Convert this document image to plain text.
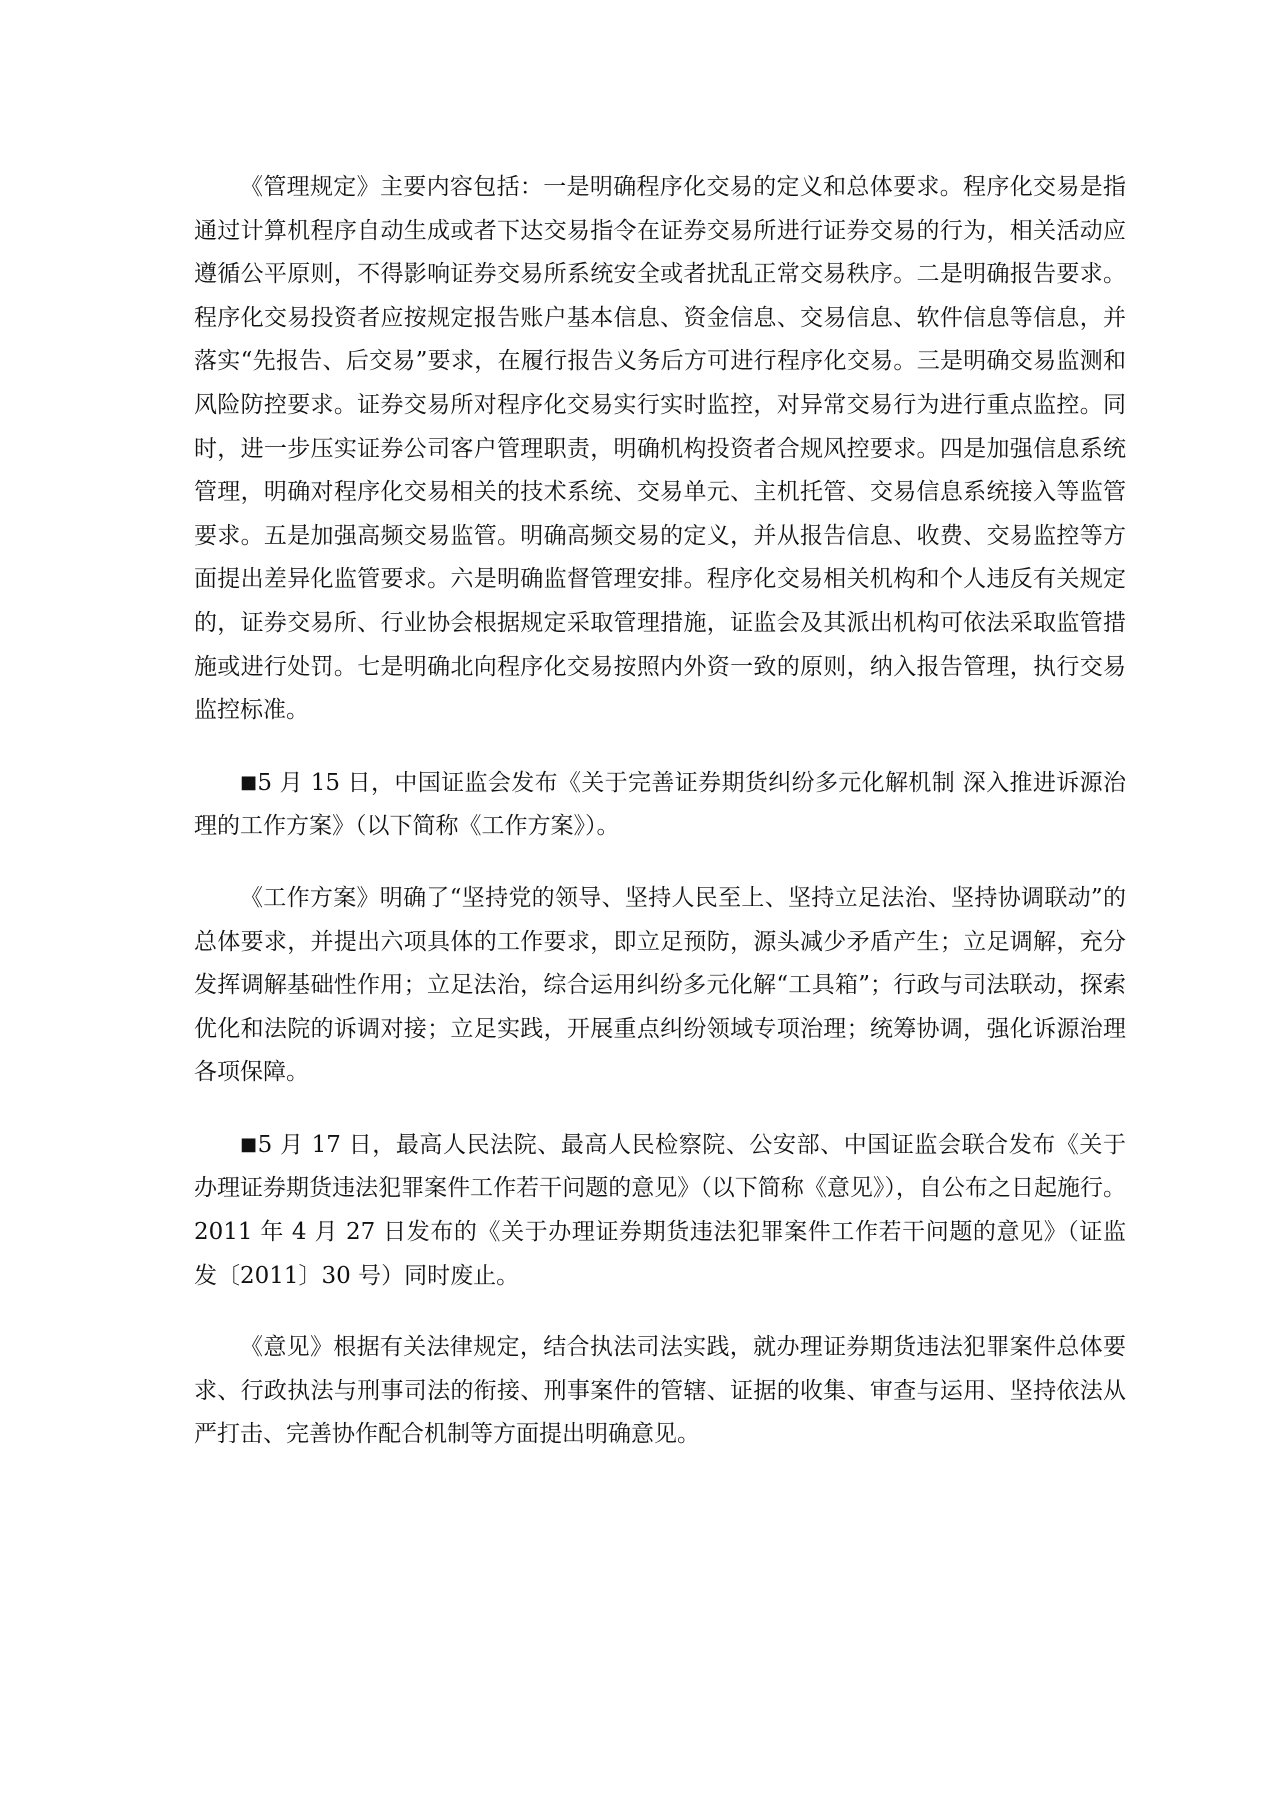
《管理规定》主要内容包括：一是明确程序化交易的定义和总体要求。程序化交易是指通过计算机程序自动生成或者下达交易指令在证券交易所进行证券交易的行为，相关活动应遵循公平原则，不得影响证券交易所系统安全或者扰乱正常交易秩序。二是明确报告要求。程序化交易投资者应按规定报告账户基本信息、资金信息、交易信息、软件信息等信息，并落实“先报告、后交易”要求，在履行报告义务后方可进行程序化交易。三是明确交易监测和风险防控要求。证券交易所对程序化交易实行实时监控，对异常交易行为进行重点监控。同时，进一步压实证券公司客户管理职责，明确机构投资者合规风控要求。四是加强信息系统管理，明确对程序化交易相关的技术系统、交易单元、主机托管、交易信息系统接入等监管要求。五是加强高频交易监管。明确高频交易的定义，并从报告信息、收费、交易监控等方面提出差异化监管要求。六是明确监督管理安排。程序化交易相关机构和个人违反有关规定的，证券交易所、行业协会根据规定采取管理措施，证监会及其派出机构可依法采取监管措施或进行处罚。七是明确北向程序化交易按照内外资一致的原则，纳入报告管理，执行交易监控标准。

■5 月 15 日，中国证监会发布《关于完善证券期货纠纷多元化解机制 深入推进诉源治理的工作方案》（以下简称《工作方案》）。

《工作方案》明确了“坚持党的领导、坚持人民至上、坚持立足法治、坚持协调联动”的总体要求，并提出六项具体的工作要求，即立足预防，源头减少矛盾产生；立足调解，充分发挥调解基础性作用；立足法治，综合运用纠纷多元化解“工具箱”；行政与司法联动，探索优化和法院的诉调对接；立足实践，开展重点纠纷领域专项治理；统筹协调，强化诉源治理各项保障。

■5 月 17 日，最高人民法院、最高人民检察院、公安部、中国证监会联合发布《关于办理证券期货违法犯罪案件工作若干问题的意见》（以下简称《意见》），自公布之日起施行。2011 年 4 月 27 日发布的《关于办理证券期货违法犯罪案件工作若干问题的意见》（证监发〔2011〕30 号）同时废止。

《意见》根据有关法律规定，结合执法司法实践，就办理证券期货违法犯罪案件总体要求、行政执法与刑事司法的衔接、刑事案件的管辖、证据的收集、审查与运用、坚持依法从严打击、完善协作配合机制等方面提出明确意见。
